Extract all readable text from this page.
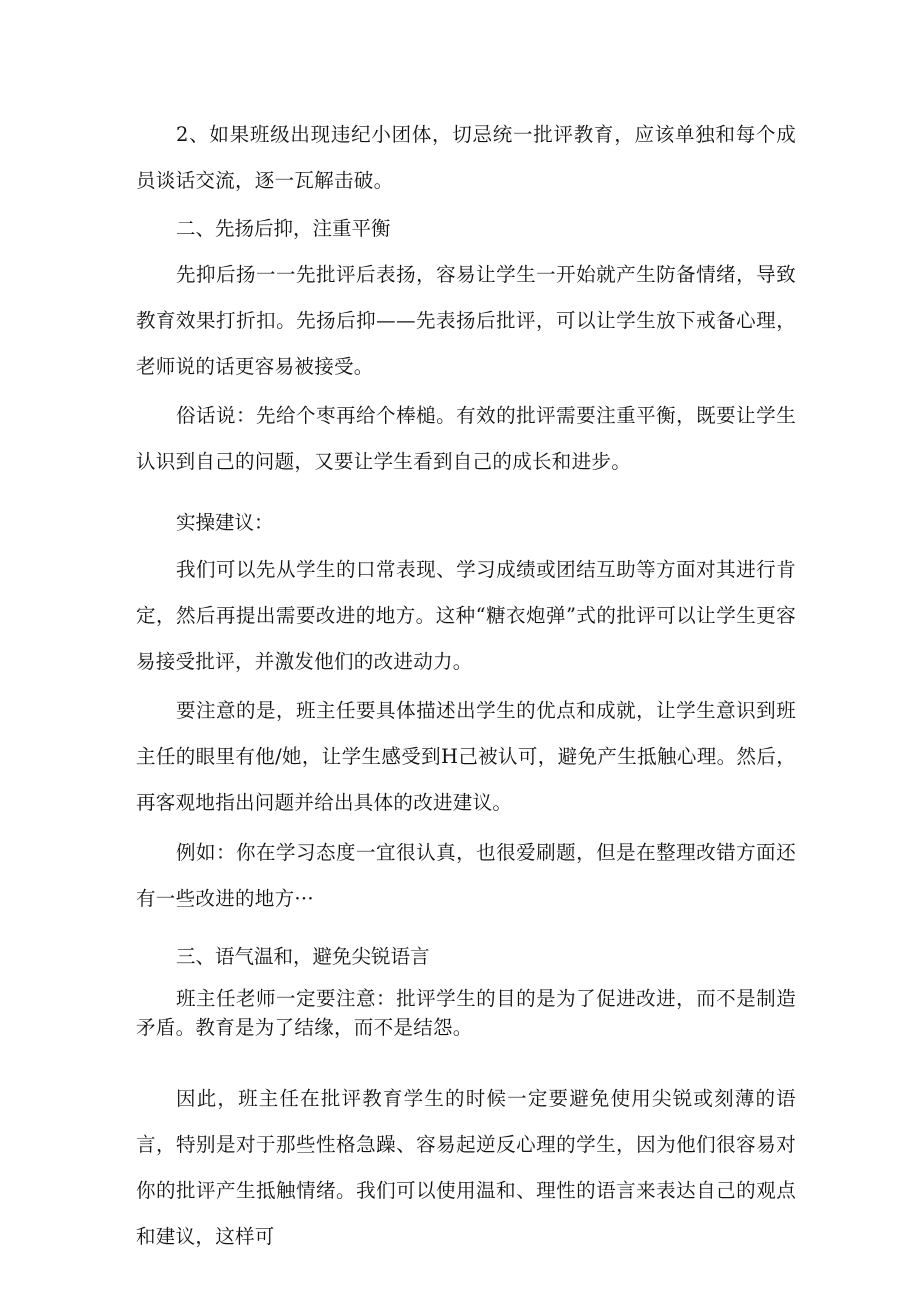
2、如果班级出现违纪小团体，切忌统一批评教育，应该单独和每个成员谈话交流，逐一瓦解击破。

二、先扬后抑，注重平衡

先抑后扬一一先批评后表扬，容易让学生一开始就产生防备情绪，导致教育效果打折扣。先扬后抑——先表扬后批评，可以让学生放下戒备心理，老师说的话更容易被接受。

俗话说：先给个枣再给个棒槌。有效的批评需要注重平衡，既要让学生认识到自己的问题，又要让学生看到自己的成长和进步。

实操建议：

我们可以先从学生的口常表现、学习成绩或团结互助等方面对其进行肯定，然后再提出需要改进的地方。这种“糖衣炮弹”式的批评可以让学生更容易接受批评，并激发他们的改进动力。

要注意的是，班主任要具体描述出学生的优点和成就，让学生意识到班主任的眼里有他/她，让学生感受到H己被认可，避免产生抵触心理。然后，再客观地指出问题并给出具体的改进建议。

例如：你在学习态度一宜很认真，也很爱刷题，但是在整理改错方面还有一些改进的地方···

三、语气温和，避免尖锐语言

班主任老师一定要注意：批评学生的目的是为了促进改进，而不是制造矛盾。教育是为了结缘，而不是结怨。

因此，班主任在批评教育学生的时候一定要避免使用尖锐或刻薄的语言，特别是对于那些性格急躁、容易起逆反心理的学生，因为他们很容易对你的批评产生抵触情绪。我们可以使用温和、理性的语言来表达自己的观点和建议，这样可
